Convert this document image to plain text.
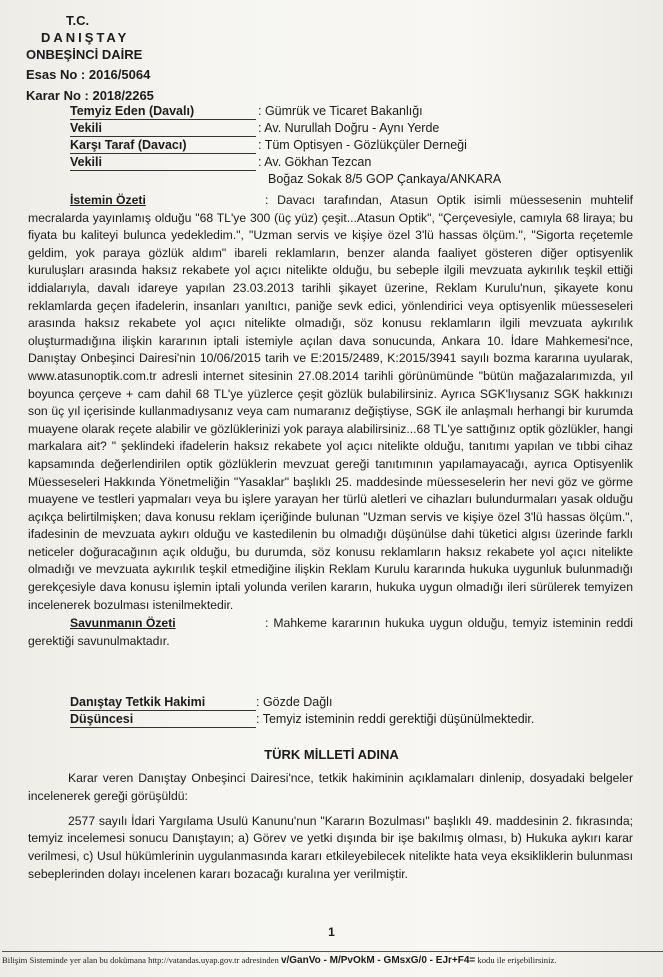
T.C.
DANIŞTAY
ONBEŞİNCİ DAİRE
Esas No : 2016/5064
Karar No : 2018/2265
Temyiz Eden (Davalı)	: Gümrük ve Ticaret Bakanlığı
Vekili	: Av. Nurullah Doğru - Aynı Yerde
Karşı Taraf (Davacı)	: Tüm Optisyen - Gözlükçüler Derneği
Vekili	: Av. Gökhan Tezcan
Boğaz Sokak 8/5 GOP Çankaya/ANKARA

İstemin Özeti	: Davacı tarafından, Atasun Optik isimli müessesenin muhtelif mecralarda yayınlamış olduğu "68 TL'ye 300 (üç yüz) çeşit...Atasun Optik", "Çerçevesiyle, camıyla 68 liraya; bu fiyata bu kaliteyi bulunca yedekledim.", "Uzman servis ve kişiye özel 3'lü hassas ölçüm.", "Sigorta reçetemle geldim, yok paraya gözlük aldım" ibareli reklamların, benzer alanda faaliyet gösteren diğer optisyenlik kuruluşları arasında haksız rekabete yol açıcı nitelikte olduğu, bu sebeple ilgili mevzuata aykırılık teşkil ettiği iddialarıyla, davalı idareye yapılan 23.03.2013 tarihli şikayet üzerine, Reklam Kurulu'nun, şikayete konu reklamlarda geçen ifadelerin, insanları yanıltıcı, paniğe sevk edici, yönlendirici veya optisyenlik müesseseleri arasında haksız rekabete yol açıcı nitelikte olmadığı, söz konusu reklamların ilgili mevzuata aykırılık oluşturmadığına ilişkin kararının iptali istemiyle açılan dava sonucunda, Ankara 10. İdare Mahkemesi'nce, Danıştay Onbeşinci Dairesi'nin 10/06/2015 tarih ve E:2015/2489, K:2015/3941 sayılı bozma kararına uyularak, www.atasunoptik.com.tr adresli internet sitesinin 27.08.2014 tarihli görünümünde "bütün mağazalarımızda, yıl boyunca çerçeve + cam dahil 68 TL'ye yüzlerce çeşit gözlük bulabilirsiniz. Ayrıca SGK'lıysanız SGK hakkınızı son üç yıl içerisinde kullanmadıysanız veya cam numaranız değiştiyse, SGK ile anlaşmalı herhangi bir kurumda muayene olarak reçete alabilir ve gözlüklerinizi yok paraya alabilirsiniz...68 TL'ye sattığınız optik gözlükler, hangi markalara ait? " şeklindeki ifadelerin haksız rekabete yol açıcı nitelikte olduğu, tanıtımı yapılan ve tıbbi cihaz kapsamında değerlendirilen optik gözlüklerin mevzuat gereği tanıtımının yapılamayacağı, ayrıca Optisyenlik Müesseseleri Hakkında Yönetmeliğin "Yasaklar" başlıklı 25. maddesinde müesseselerin her nevi göz ve görme muayene ve testleri yapmaları veya bu işlere yarayan her türlü aletleri ve cihazları bulundurmaları yasak olduğu açıkça belirtilmişken; dava konusu reklam içeriğinde bulunan "Uzman servis ve kişiye özel 3'lü hassas ölçüm.", ifadesinin de mevzuata aykırı olduğu ve kastedilenin bu olmadığı düşünülse dahi tüketici algısı üzerinde farklı neticeler doğuracağının açık olduğu, bu durumda, söz konusu reklamların haksız rekabete yol açıcı nitelikte olmadığı ve mevzuata aykırılık teşkil etmediğine ilişkin Reklam Kurulu kararında hukuka uygunluk bulunmadığı gerekçesiyle dava konusu işlemin iptali yolunda verilen kararın, hukuka uygun olmadığı ileri sürülerek temyizen incelenerek bozulması istenilmektedir.

Savunmanın Özeti	: Mahkeme kararının hukuka uygun olduğu, temyiz isteminin reddi gerektiği savunulmaktadır.

Danıştay Tetkik Hakimi	: Gözde Dağlı
Düşüncesi	: Temyiz isteminin reddi gerektiği düşünülmektedir.
TÜRK MİLLETİ ADINA

Karar veren Danıştay Onbeşinci Dairesi'nce, tetkik hakiminin açıklamaları dinlenip, dosyadaki belgeler incelenerek gereği görüşüldü:

2577 sayılı İdari Yargılama Usulü Kanunu'nun "Kararın Bozulması" başlıklı 49. maddesinin 2. fıkrasında; temyiz incelemesi sonucu Danıştayın; a) Görev ve yetki dışında bir işe bakılmış olması, b) Hukuka aykırı karar verilmesi, c) Usul hükümlerinin uygulanmasında kararı etkileyebilecek nitelikte hata veya eksikliklerin bulunması sebeplerinden dolayı incelenen kararı bozacağı kuralına yer verilmiştir.

1
Bilişim Sisteminde yer alan bu dokümana http://vatandas.uyap.gov.tr adresinden v/GanVo - M/PvOkM - GMsxG/0 - EJr+F4= kodu ile erişebilirsiniz.
